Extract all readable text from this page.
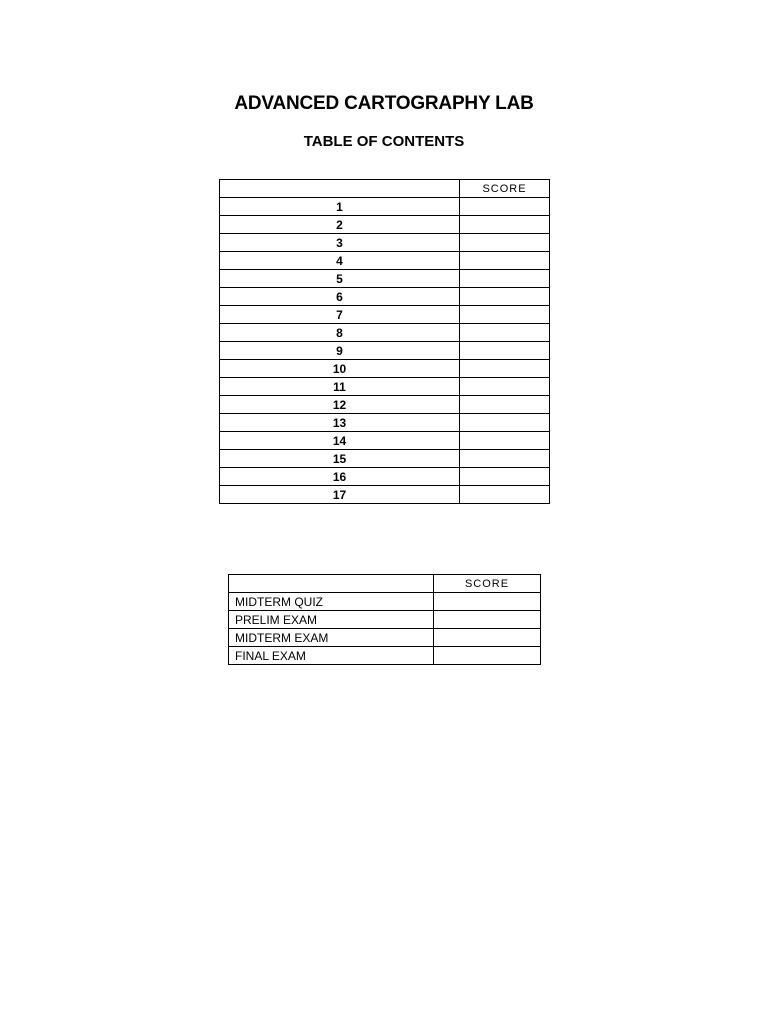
ADVANCED CARTOGRAPHY LAB
TABLE OF CONTENTS
	SCORE
1	
2	
3	
4	
5	
6	
7	
8	
9	
10	
11	
12	
13	
14	
15	
16	
17	
	SCORE
MIDTERM QUIZ	
PRELIM EXAM	
MIDTERM EXAM	
FINAL EXAM	
